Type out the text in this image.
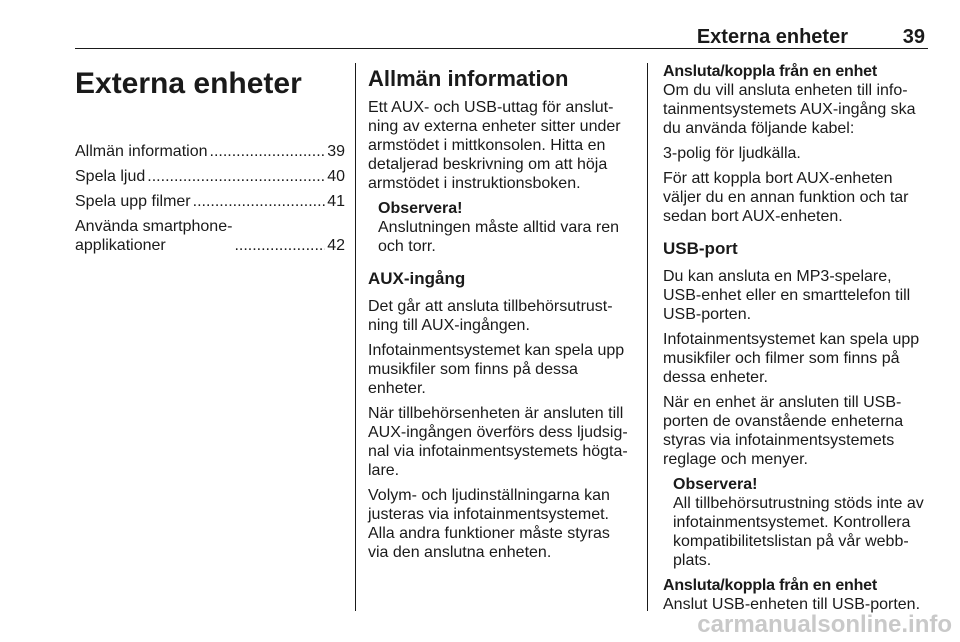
Externa enheter	39
Externa enheter
Allmän information .....	39
Spela ljud .....	40
Spela upp filmer .....	41
Använda smartphone-
applikationer .....	42
Allmän information

Ett AUX- och USB-uttag för anslutning av externa enheter sitter under armstödet i mittkonsolen. Hitta en detaljerad beskrivning om att höja armstödet i instruktionsboken.

Observera!
Anslutningen måste alltid vara ren och torr.
AUX-ingång

Det går att ansluta tillbehörsutrustning till AUX-ingången.

Infotainmentsystemet kan spela upp musikfiler som finns på dessa enheter.

När tillbehörsenheten är ansluten till AUX-ingången överförs dess ljudsignal via infotainmentsystemets högtalare.

Volym- och ljudinställningarna kan justeras via infotainmentsystemet. Alla andra funktioner måste styras via den anslutna enheten.

Ansluta/koppla från en enhet

Om du vill ansluta enheten till infotainmentsystemets AUX-ingång ska du använda följande kabel:

3-polig för ljudkälla.

För att koppla bort AUX-enheten väljer du en annan funktion och tar sedan bort AUX-enheten.

USB-port

Du kan ansluta en MP3-spelare, USB-enhet eller en smarttelefon till USB-porten.

Infotainmentsystemet kan spela upp musikfiler och filmer som finns på dessa enheter.

När en enhet är ansluten till USB-porten de ovanstående enheterna styras via infotainmentsystemets reglage och menyer.

Observera!
All tillbehörsutrustning stöds inte av infotainmentsystemet. Kontrollera kompatibilitetslistan på vår webbplats.

Ansluta/koppla från en enhet

Anslut USB-enheten till USB-porten.

carmanualsonline.info
